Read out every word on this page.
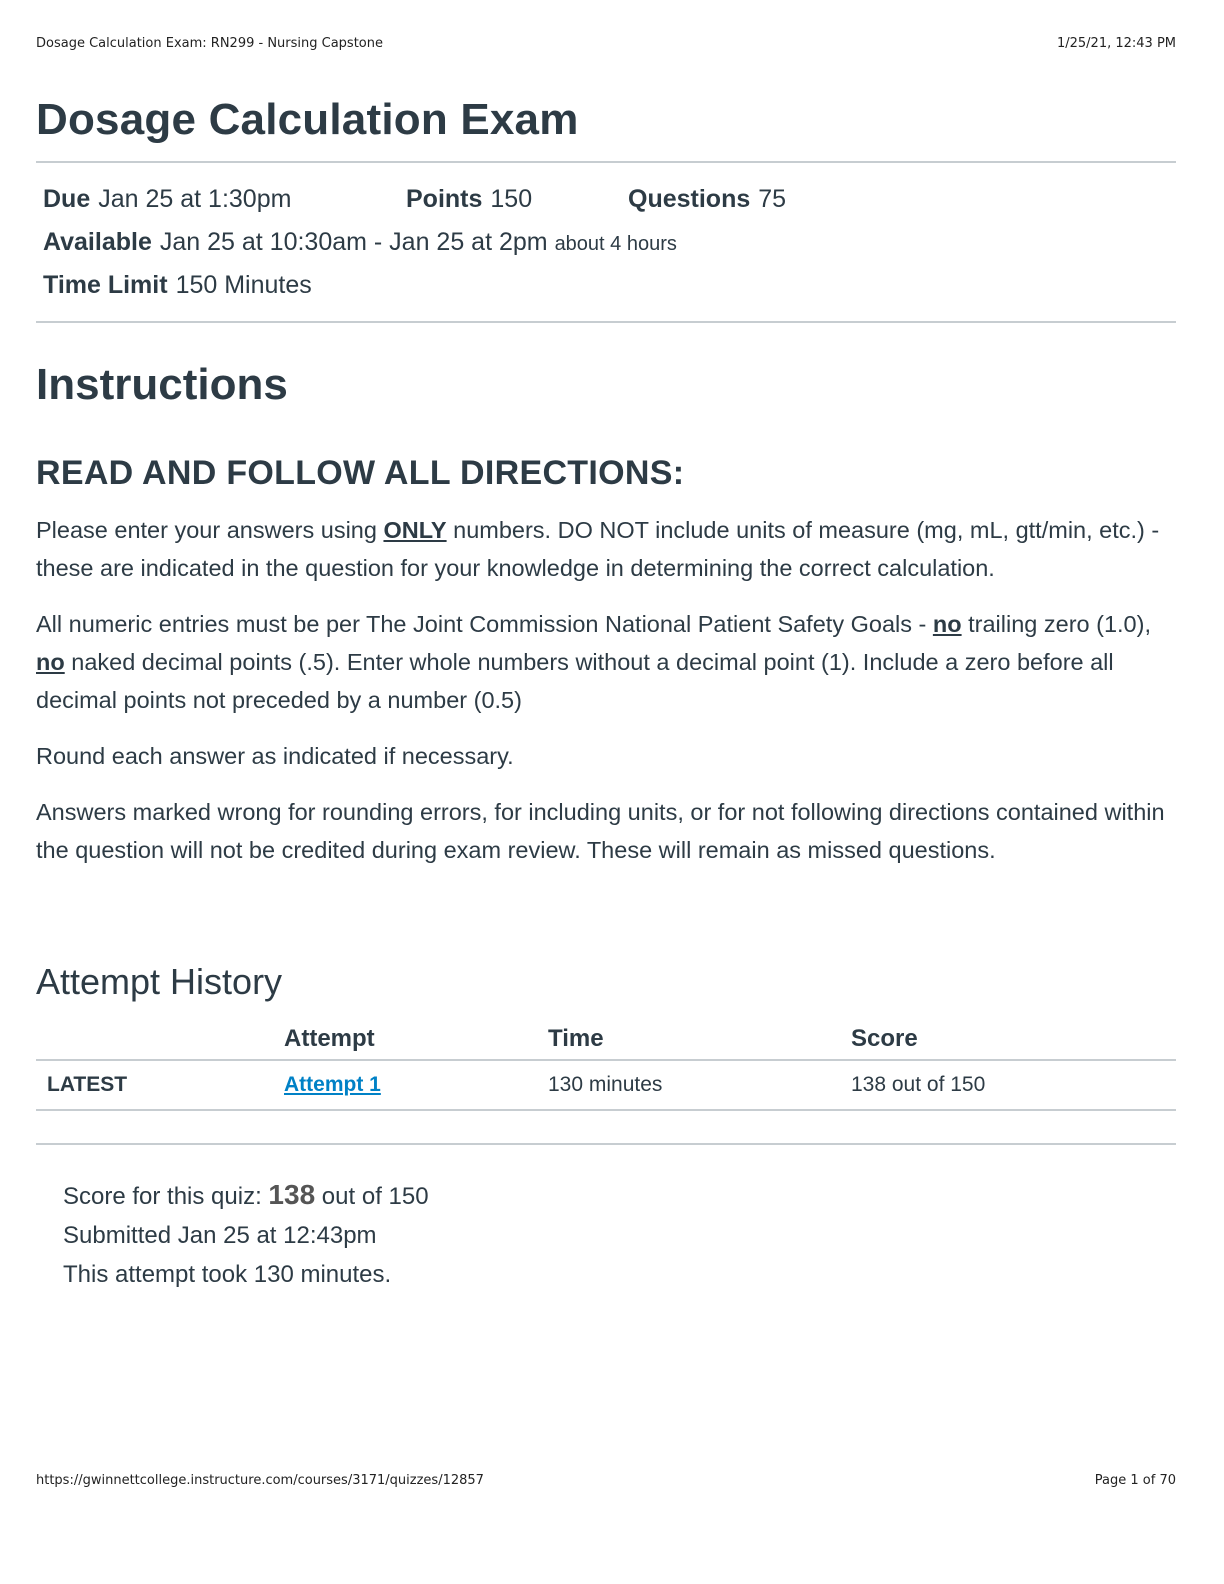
Dosage Calculation Exam: RN299 - Nursing Capstone	1/25/21, 12:43 PM
Dosage Calculation Exam
Due Jan 25 at 1:30pm	Points 150	Questions 75
Available Jan 25 at 10:30am - Jan 25 at 2pm about 4 hours
Time Limit 150 Minutes
Instructions
READ AND FOLLOW ALL DIRECTIONS:

Please enter your answers using ONLY numbers. DO NOT include units of measure (mg, mL, gtt/min, etc.) - these are indicated in the question for your knowledge in determining the correct calculation.

All numeric entries must be per The Joint Commission National Patient Safety Goals - no trailing zero (1.0), no naked decimal points (.5). Enter whole numbers without a decimal point (1). Include a zero before all decimal points not preceded by a number (0.5)

Round each answer as indicated if necessary.

Answers marked wrong for rounding errors, for including units, or for not following directions contained within the question will not be credited during exam review. These will remain as missed questions.

Attempt History
	Attempt	Time	Score
LATEST	Attempt 1	130 minutes	138 out of 150
Score for this quiz: 138 out of 150
Submitted Jan 25 at 12:43pm
This attempt took 130 minutes.
https://gwinnettcollege.instructure.com/courses/3171/quizzes/12857	Page 1 of 70
